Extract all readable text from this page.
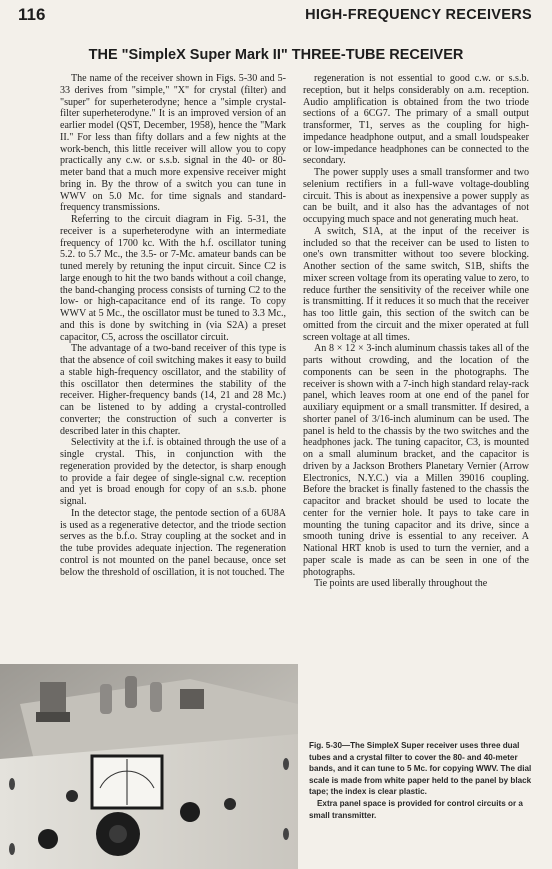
116	HIGH-FREQUENCY RECEIVERS
THE "SimpleX Super Mark II" THREE-TUBE RECEIVER

The name of the receiver shown in Figs. 5-30 and 5-33 derives from "simple," "X" for crystal (filter) and "super" for superheterodyne; hence a "simple crystal-filter superheterodyne." It is an improved version of an earlier model (QST, December, 1958), hence the "Mark II." For less than fifty dollars and a few nights at the work-bench, this little receiver will allow you to copy practically any c.w. or s.s.b. signal in the 40- or 80-meter band that a much more expensive receiver might bring in. By the throw of a switch you can tune in WWV on 5.0 Mc. for time signals and standard-frequency transmissions.

Referring to the circuit diagram in Fig. 5-31, the receiver is a superheterodyne with an intermediate frequency of 1700 kc. With the h.f. oscillator tuning 5.2. to 5.7 Mc., the 3.5- or 7-Mc. amateur bands can be tuned merely by retuning the input circuit. Since C2 is large enough to hit the two bands without a coil change, the band-changing process consists of turning C2 to the low- or high-capacitance end of its range. To copy WWV at 5 Mc., the oscillator must be tuned to 3.3 Mc., and this is done by switching in (via S2A) a preset capacitor, C5, across the oscillator circuit.

The advantage of a two-band receiver of this type is that the absence of coil switching makes it easy to build a stable high-frequency oscillator, and the stability of this oscillator then determines the stability of the receiver. Higher-frequency bands (14, 21 and 28 Mc.) can be listened to by adding a crystal-controlled converter; the construction of such a converter is described later in this chapter.

Selectivity at the i.f. is obtained through the use of a single crystal. This, in conjunction with the regeneration provided by the detector, is sharp enough to provide a fair degee of single-signal c.w. reception and yet is broad enough for copy of an s.s.b. phone signal.

In the detector stage, the pentode section of a 6U8A is used as a regenerative detector, and the triode section serves as the b.f.o. Stray coupling at the socket and in the tube provides adequate injection. The regeneration control is not mounted on the panel because, once set below the threshold of oscillation, it is not touched. The

regeneration is not essential to good c.w. or s.s.b. reception, but it helps considerably on a.m. reception. Audio amplification is obtained from the two triode sections of a 6CG7. The primary of a small output transformer, T1, serves as the coupling for high-impedance headphone output, and a small loudspeaker or low-impedance headphones can be connected to the secondary.

The power supply uses a small transformer and two selenium rectifiers in a full-wave voltage-doubling circuit. This is about as inexpensive a power supply as can be built, and it also has the advantages of not occupying much space and not generating much heat.

A switch, S1A, at the input of the receiver is included so that the receiver can be used to listen to one's own transmitter without too severe blocking. Another section of the same switch, S1B, shifts the mixer screen voltage from its operating value to zero, to reduce further the sensitivity of the receiver while one is transmitting. If it reduces it so much that the receiver has too little gain, this section of the switch can be omitted from the circuit and the mixer operated at full screen voltage at all times.

An 8 × 12 × 3-inch aluminum chassis takes all of the parts without crowding, and the location of the components can be seen in the photographs. The receiver is shown with a 7-inch high standard relay-rack panel, which leaves room at one end of the panel for auxiliary equipment or a small transmitter. If desired, a shorter panel of 3/16-inch aluminum can be used. The panel is held to the chassis by the two switches and the headphones jack. The tuning capacitor, C3, is mounted on a small aluminum bracket, and the capacitor is driven by a Jackson Brothers Planetary Vernier (Arrow Electronics, N.Y.C.) via a Millen 39016 coupling. Before the bracket is finally fastened to the chassis the capacitor and bracket should be used to locate the center for the vernier hole. It pays to take care in mounting the tuning capacitor and its drive, since a smooth tuning drive is essential to any receiver. A National HRT knob is used to turn the vernier, and a paper scale is made as can be seen in one of the photographs.

Tie points are used liberally throughout the

Fig. 5-30—The SimpleX Super receiver uses three dual tubes and a crystal filter to cover the 80- and 40-meter bands, and it can tune to 5 Mc. for copying WWV. The dial scale is made from white paper held to the panel by black tape; the index is clear plastic.

Extra panel space is provided for control circuits or a small transmitter.
